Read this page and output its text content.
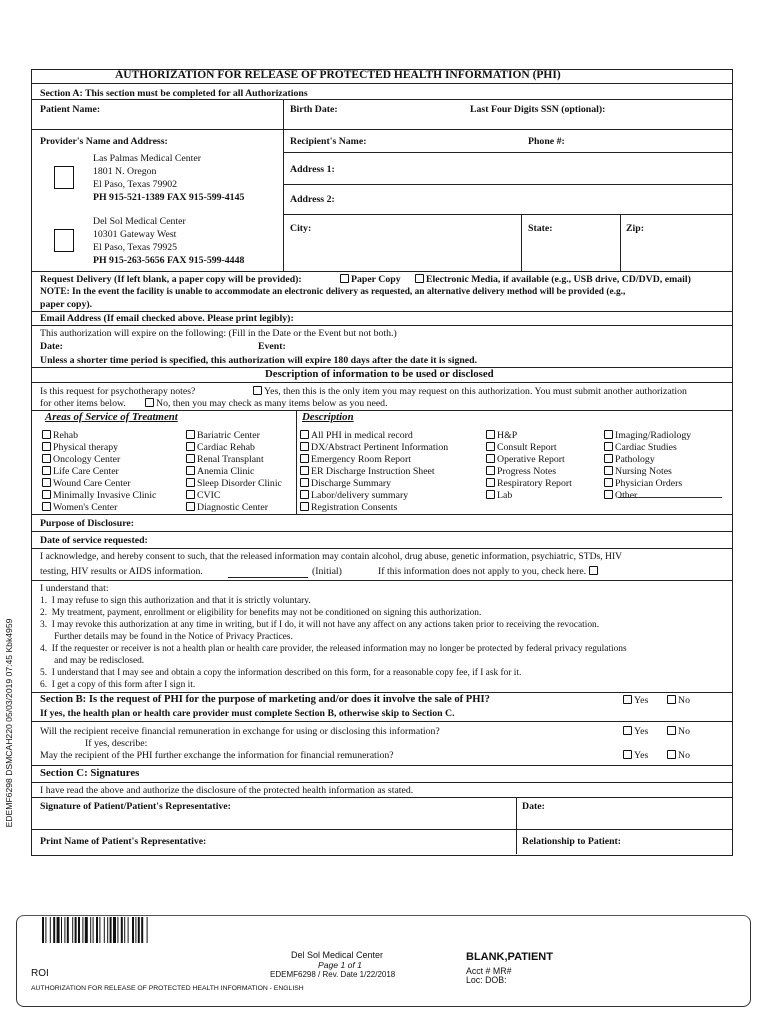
AUTHORIZATION FOR RELEASE OF PROTECTED HEALTH INFORMATION (PHI)
Section A: This section must be completed for all Authorizations
Patient Name:	Birth Date:	Last Four Digits SSN (optional):
Provider's Name and Address:	Recipient's Name:	Phone #:
Las Palmas Medical Center
1801 N. Oregon
El Paso, Texas 79902
PH 915-521-1389 FAX 915-599-4145
Address 1:
Address 2:
Del Sol Medical Center
10301 Gateway West
El Paso, Texas 79925
PH 915-263-5656 FAX 915-599-4448
City:	State:	Zip:
Request Delivery (If left blank, a paper copy will be provided):	Paper Copy	Electronic Media, if available (e.g., USB drive, CD/DVD, email)
NOTE: In the event the facility is unable to accommodate an electronic delivery as requested, an alternative delivery method will be provided (e.g.,
paper copy).
Email Address (If email checked above. Please print legibly):
This authorization will expire on the following: (Fill in the Date or the Event but not both.)
Date:	Event:
Unless a shorter time period is specified, this authorization will expire 180 days after the date it is signed.
Description of information to be used or disclosed
Is this request for psychotherapy notes?	Yes, then this is the only item you may request on this authorization. You must submit another authorization
for other items below.	No, then you may check as many items below as you need.
Areas of Service of Treatment	Description
Rehab
Physical therapy
Oncology Center
Life Care Center
Wound Care Center
Minimally Invasive Clinic
Women's Center
Bariatric Center
Cardiac Rehab
Renal Transplant
Anemia Clinic
Sleep Disorder Clinic
CVIC
Diagnostic Center
All PHI in medical record
DX/Abstract Pertinent Information
Emergency Room Report
ER Discharge Instruction Sheet
Discharge Summary
Labor/delivery summary
Registration Consents
H&P
Consult Report
Operative Report
Progress Notes
Respiratory Report
Lab
Imaging/Radiology
Cardiac Studies
Pathology
Nursing Notes
Physician Orders
Other
Purpose of Disclosure:
Date of service requested:
I acknowledge, and hereby consent to such, that the released information may contain alcohol, drug abuse, genetic information, psychiatric, STDs, HIV
testing, HIV results or AIDS information.	(Initial)	If this information does not apply to you, check here.
I understand that:
1.  I may refuse to sign this authorization and that it is strictly voluntary.
2.  My treatment, payment, enrollment or eligibility for benefits may not be conditioned on signing this authorization.
3.  I may revoke this authorization at any time in writing, but if I do, it will not have any affect on any actions taken prior to receiving the revocation.
Further details may be found in the Notice of Privacy Practices.
4.  If the requester or receiver is not a health plan or health care provider, the released information may no longer be protected by federal privacy regulations
and may be redisclosed.
5.  I understand that I may see and obtain a copy the information described on this form, for a reasonable copy fee, if I ask for it.
6.  I get a copy of this form after I sign it.
Section B: Is the request of PHI for the purpose of marketing and/or does it involve the sale of PHI?	Yes	No
If yes, the health plan or health care provider must complete Section B, otherwise skip to Section C.
Will the recipient receive financial remuneration in exchange for using or disclosing this information?	Yes	No
If yes, describe:
May the recipient of the PHI further exchange the information for financial remuneration?	Yes	No
Section C: Signatures
I have read the above and authorize the disclosure of the protected health information as stated.
Signature of Patient/Patient's Representative:	Date:
Print Name of Patient's Representative:	Relationship to Patient:
EDEMF6298 DSMCAH220 05/03/2019 07:45 Kbk4959
Del Sol Medical Center
Page 1 of 1
EDEMF6298 / Rev. Date 1/22/2018
ROI
AUTHORIZATION FOR RELEASE OF PROTECTED HEALTH INFORMATION - ENGLISH
BLANK,PATIENT
Acct # MR#
Loc: DOB:
